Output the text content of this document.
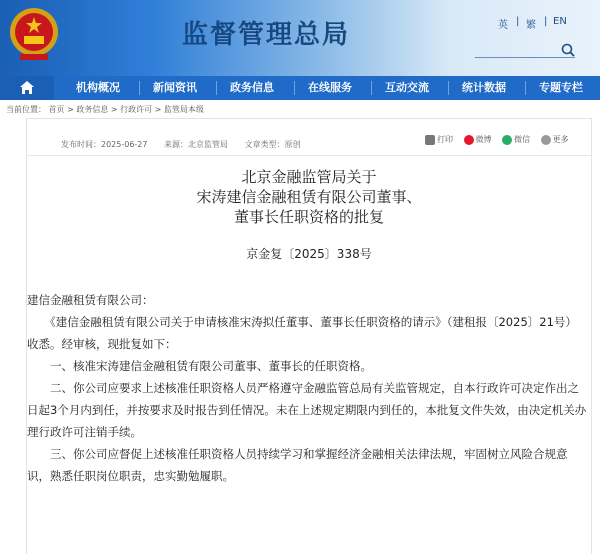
监督管理总局	英 | 繁 | EN
机构概况	新闻资讯	政务信息	在线服务	互动交流	统计数据	专题专栏
当前位置： 首页 > 政务信息 > 行政许可 > 监管局本级
发布时间：2025-06-27 来源：北京监管局 文章类型：原创
打印	微博	微信	更多
北京金融监管局关于
宋涛建信金融租赁有限公司董事、
董事长任职资格的批复
京金复〔2025〕338号

建信金融租赁有限公司：

　　《建信金融租赁有限公司关于申请核准宋涛拟任董事、董事长任职资格的请示》（建租报〔2025〕21号）收悉。经审核，现批复如下：

　　一、核准宋涛建信金融租赁有限公司董事、董事长的任职资格。

　　二、你公司应要求上述核准任职资格人员严格遵守金融监管总局有关监管规定，自本行政许可决定作出之日起3个月内到任，并按要求及时报告到任情况。未在上述规定期限内到任的，本批复文件失效，由决定机关办理行政许可注销手续。

　　三、你公司应督促上述核准任职资格人员持续学习和掌握经济金融相关法律法规，牢固树立风险合规意识，熟悉任职岗位职责，忠实勤勉履职。
